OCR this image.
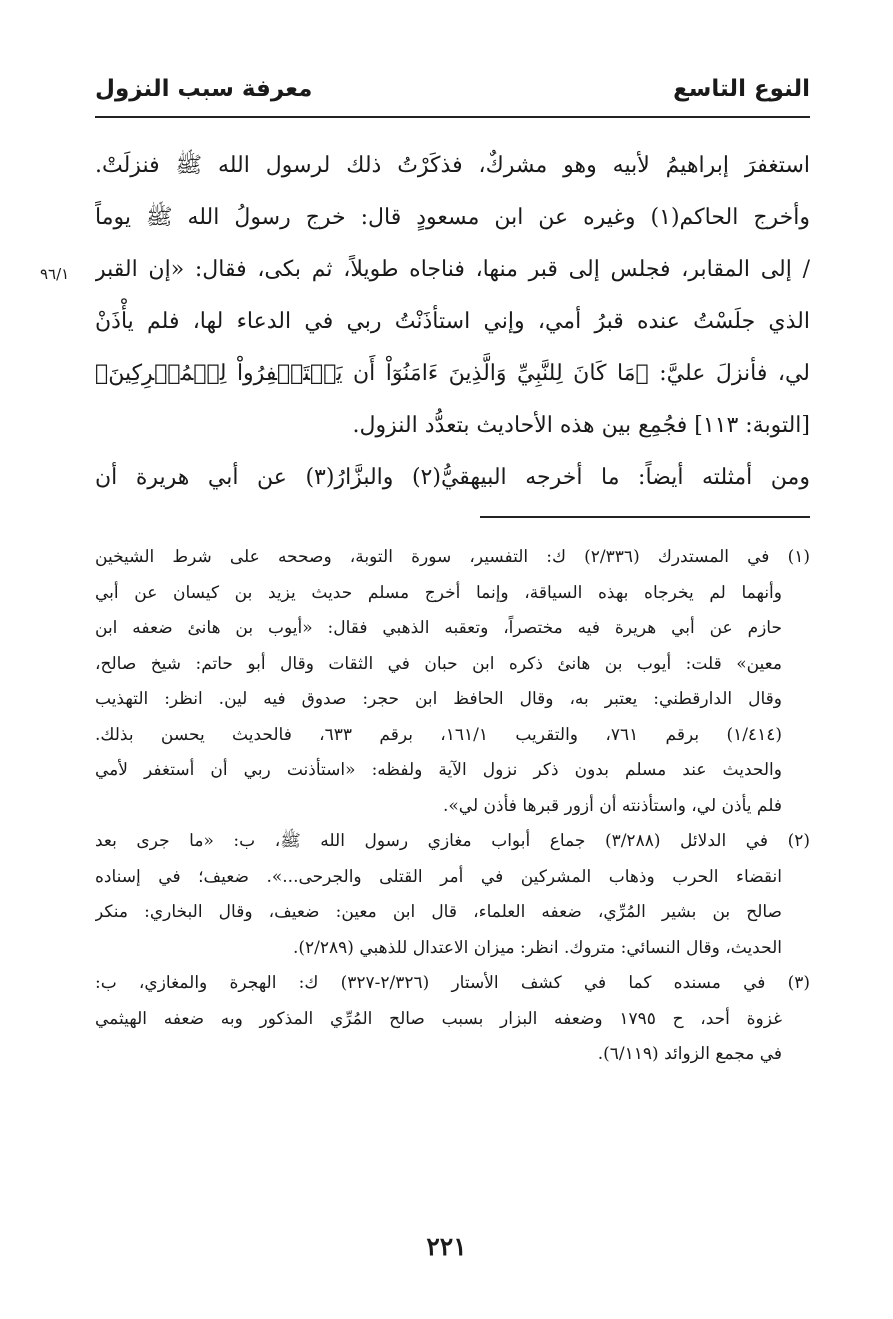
النوع التاسع
معرفة سبب النزول
استغفرَ إبراهيمُ لأبيه وهو مشركٌ، فذكَرْتُ ذلك لرسول الله ﷺ فنزلَتْ.
وأخرج الحاكم(١) وغيره عن ابن مسعودٍ قال: خرج رسولُ الله ﷺ يوماً
/ إلى المقابر، فجلس إلى قبر منها، فناجاه طويلاً، ثم بكى، فقال: «إن القبر
الذي جلَسْتُ عنده قبرُ أمي، وإني استأذَنْتُ ربي في الدعاء لها، فلم يأْذَنْ
لي، فأنزلَ عليَّ: ﴿مَا كَانَ لِلنَّبِيِّ وَالَّذِينَ ءَامَنُوٓاْ أَن يَسۡتَغۡفِرُواْ لِلۡمُشۡرِكِينَ﴾
[التوبة: ١١٣] فجُمِع بين هذه الأحاديث بتعدُّد النزول.
ومن أمثلته أيضاً: ما أخرجه البيهقيُّ(٢) والبزَّارُ(٣) عن أبي هريرة أن
٩٦/١
(١) في المستدرك (٢/٣٣٦) ك: التفسير، سورة التوبة، وصححه على شرط الشيخين
وأنهما لم يخرجاه بهذه السياقة، وإنما أخرج مسلم حديث يزيد بن كيسان عن أبي
حازم عن أبي هريرة فيه مختصراً، وتعقبه الذهبي فقال: «أيوب بن هانئ ضعفه ابن
معين» قلت: أيوب بن هانئ ذكره ابن حبان في الثقات وقال أبو حاتم: شيخ صالح،
وقال الدارقطني: يعتبر به، وقال الحافظ ابن حجر: صدوق فيه لين. انظر: التهذيب
(١/٤١٤) برقم ٧٦١، والتقريب ١٦١/١، برقم ٦٣٣، فالحديث يحسن بذلك.
والحديث عند مسلم بدون ذكر نزول الآية ولفظه: «استأذنت ربي أن أستغفر لأمي
فلم يأذن لي، واستأذنته أن أزور قبرها فأذن لي».
(٢) في الدلائل (٣/٢٨٨) جماع أبواب مغازي رسول الله ﷺ، ب: «ما جرى بعد
انقضاء الحرب وذهاب المشركين في أمر القتلى والجرحى...». ضعيف؛ في إسناده
صالح بن بشير المُرِّي، ضعفه العلماء، قال ابن معين: ضعيف، وقال البخاري: منكر
الحديث، وقال النسائي: متروك. انظر: ميزان الاعتدال للذهبي (٢/٢٨٩).
(٣) في مسنده كما في كشف الأستار (٢/٣٢٦-٣٢٧) ك: الهجرة والمغازي، ب:
غزوة أحد، ح ١٧٩٥ وضعفه البزار بسبب صالح المُرِّي المذكور وبه ضعفه الهيثمي
في مجمع الزوائد (٦/١١٩).
٢٢١
